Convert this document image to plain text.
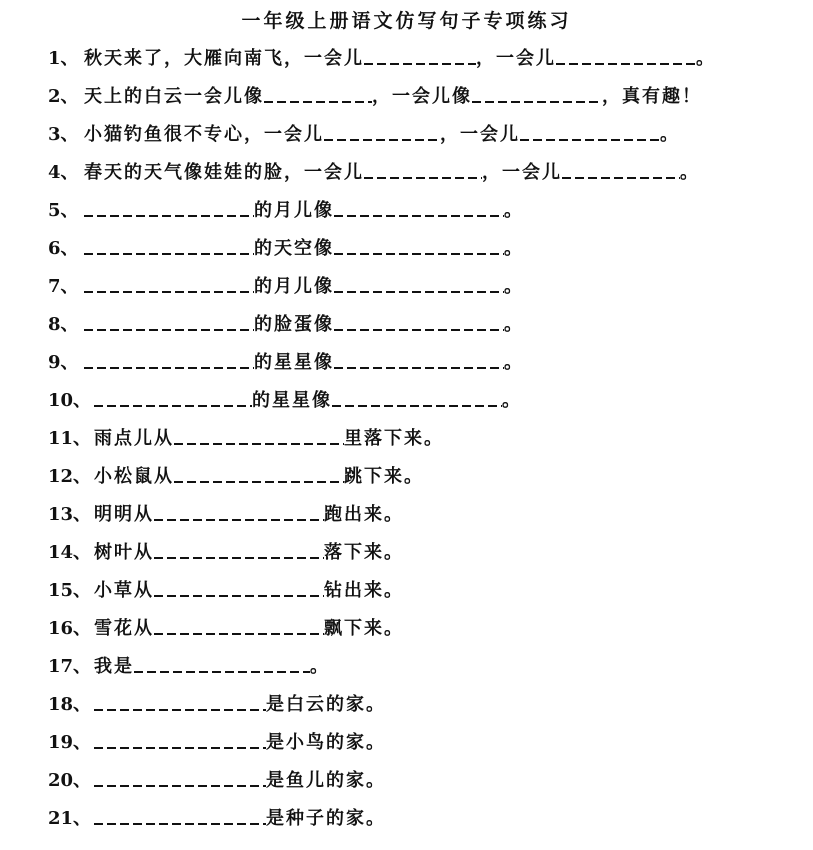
一年级上册语文仿写句子专项练习
1、 秋天来了，大雁向南飞，一会儿	，一会儿	。
2、 天上的白云一会儿像	，一会儿像	，真有趣！
3、 小猫钓鱼很不专心，一会儿	，一会儿	。
4、 春天的天气像娃娃的脸，一会儿	，一会儿	。
5、	的月儿像	。
6、	的天空像	。
7、	的月儿像	。
8、	的脸蛋像	。
9、	的星星像	。
10、	的星星像	。
11、 雨点儿从	里落下来。
12、 小松鼠从	跳下来。
13、 明明从	跑出来。
14、 树叶从	落下来。
15、 小草从	钻出来。
16、 雪花从	飘下来。
17、 我是	。
18、	是白云的家。
19、	是小鸟的家。
20、	是鱼儿的家。
21、	是种子的家。
